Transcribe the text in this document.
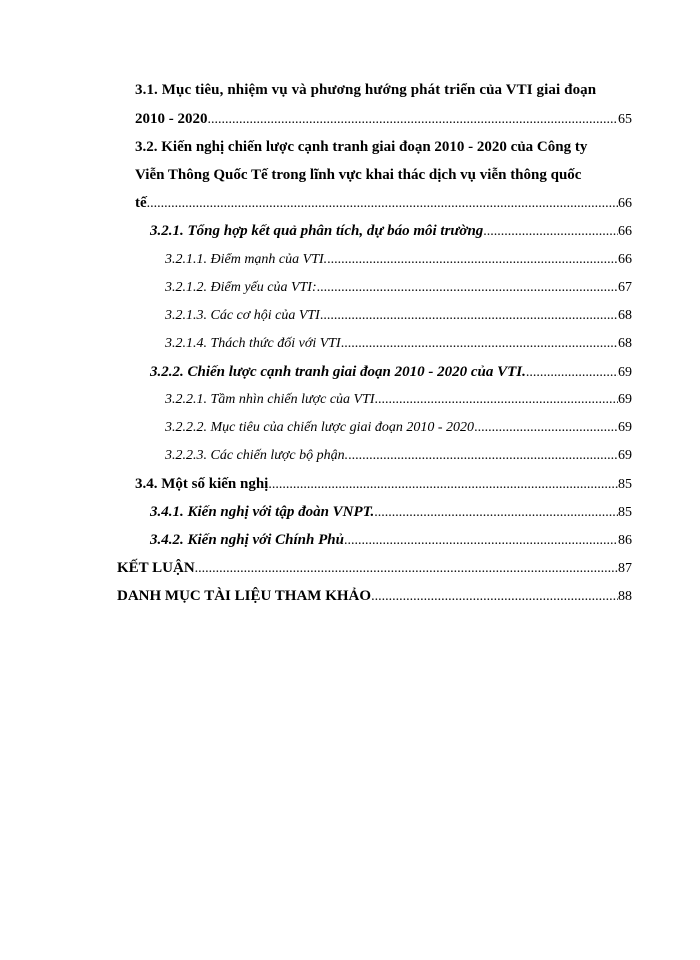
3.1. Mục tiêu, nhiệm vụ và phương hướng phát triển của VTI giai đoạn
2010 - 2020 .....	65
3.2. Kiến nghị chiến lược cạnh tranh giai đoạn 2010 - 2020 của Công ty
Viễn Thông Quốc Tế trong lĩnh vực khai thác dịch vụ viễn thông quốc
tế .....	66
3.2.1. Tổng hợp kết quả phân tích, dự báo môi trường .....	66
3.2.1.1. Điểm mạnh của VTI. .....	66
3.2.1.2. Điểm yếu của VTI: .....	67
3.2.1.3. Các cơ hội của VTI .....	68
3.2.1.4. Thách thức đối với VTI .....	68
3.2.2. Chiến lược cạnh tranh giai đoạn 2010 - 2020 của VTI. .....	69
3.2.2.1. Tầm nhìn chiến lược của VTI .....	69
3.2.2.2. Mục tiêu của chiến lược giai đoạn 2010 - 2020 .....	69
3.2.2.3. Các chiến lược bộ phận. .....	69
3.4. Một số kiến nghị .....	85
3.4.1. Kiến nghị với tập đoàn VNPT. .....	85
3.4.2. Kiến nghị với Chính Phủ .....	86
KẾT LUẬN .....	87
DANH MỤC TÀI LIỆU THAM KHẢO .....	88
